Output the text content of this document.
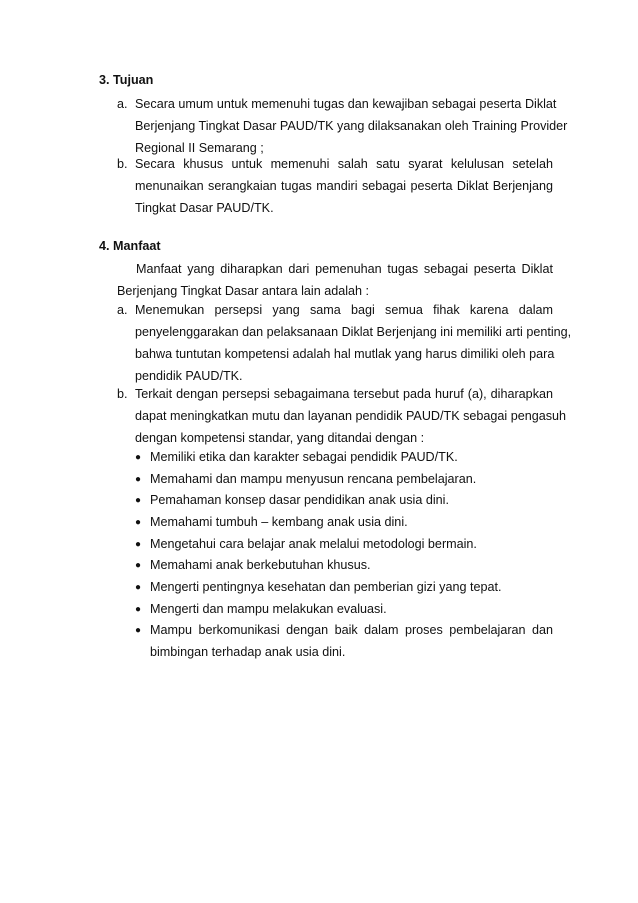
3. Tujuan
a. Secara umum untuk memenuhi tugas dan kewajiban sebagai peserta Diklat
Berjenjang Tingkat Dasar PAUD/TK yang dilaksanakan oleh Training Provider
Regional II Semarang ;
b. Secara khusus untuk memenuhi salah satu syarat kelulusan setelah
menunaikan serangkaian tugas mandiri sebagai peserta Diklat Berjenjang
Tingkat Dasar PAUD/TK.
4. Manfaat
Manfaat yang diharapkan dari pemenuhan tugas sebagai peserta Diklat
Berjenjang Tingkat Dasar antara lain adalah :
a. Menemukan persepsi yang sama bagi semua fihak karena dalam
penyelenggarakan dan pelaksanaan Diklat Berjenjang ini memiliki arti penting,
bahwa tuntutan kompetensi adalah hal mutlak yang harus dimiliki oleh para
pendidik PAUD/TK.
b. Terkait dengan persepsi sebagaimana tersebut pada huruf (a), diharapkan
dapat meningkatkan mutu dan layanan pendidik PAUD/TK sebagai pengasuh
dengan kompetensi standar, yang ditandai dengan :
● Memiliki etika dan karakter sebagai pendidik PAUD/TK.
● Memahami dan mampu menyusun rencana pembelajaran.
● Pemahaman konsep dasar pendidikan anak usia dini.
● Memahami tumbuh – kembang anak usia dini.
● Mengetahui cara belajar anak melalui metodologi bermain.
● Memahami anak berkebutuhan khusus.
● Mengerti pentingnya kesehatan dan pemberian gizi yang tepat.
● Mengerti dan mampu melakukan evaluasi.
● Mampu berkomunikasi dengan baik dalam proses pembelajaran dan
bimbingan terhadap anak usia dini.
